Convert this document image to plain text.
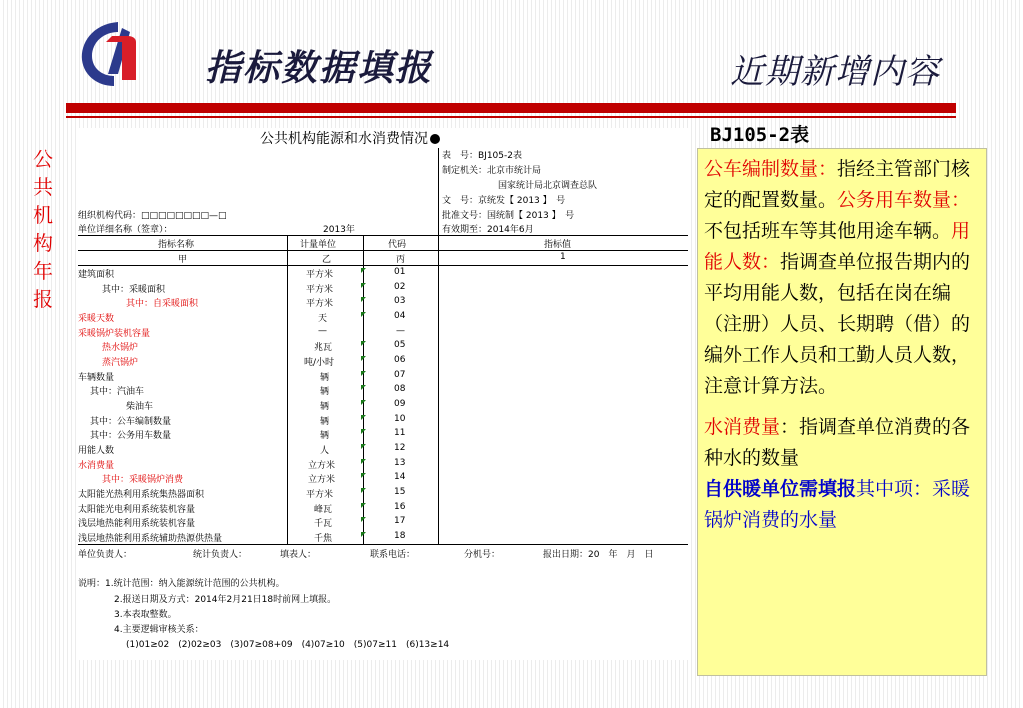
指标数据填报	近期新增内容
BJ105-2表
公
共
机
构
年
报
公共机构能源和水消费情况
表　号：BJ105-2表
制定机关：北京市统计局
国家统计局北京调查总队
文　号：京统发【 2013 】　号
批准文号：国统制【 2013 】　号
有效期至：2014年6月
组织机构代码：□□□□□□□□—□
单位详细名称（签章）：	2013年
指标名称	计量单位	代码	指标值
甲	乙	丙	1
建筑面积	平方米	01
其中：采暖面积	平方米	02
其中：自采暖面积	平方米	03
采暖天数	天	04
采暖锅炉装机容量	—	—
热水锅炉	兆瓦	05
蒸汽锅炉	吨/小时	06
车辆数量	辆	07
其中：汽油车	辆	08
柴油车	辆	09
其中：公车编制数量	辆	10
其中：公务用车数量	辆	11
用能人数	人	12
水消费量	立方米	13
其中：采暖锅炉消费	立方米	14
太阳能光热利用系统集热器面积	平方米	15
太阳能光电利用系统装机容量	峰瓦	16
浅层地热能利用系统装机容量	千瓦	17
浅层地热能利用系统辅助热源供热量	千焦	18
单位负责人：	统计负责人：	填表人：	联系电话：	分机号：	报出日期：20　年　月　日
说明：1.统计范围：纳入能源统计范围的公共机构。
2.报送日期及方式：2014年2月21日18时前网上填报。
3.本表取整数。
4.主要逻辑审核关系：
(1)01≥02　(2)02≥03　(3)07≥08+09　(4)07≥10　(5)07≥11　(6)13≥14

公车编制数量：指经主管部门核定的配置数量。公务用车数量：不包括班车等其他用途车辆。用能人数：指调查单位报告期内的平均用能人数，包括在岗在编（注册）人员、长期聘（借）的编外工作人员和工勤人员人数，注意计算方法。

水消费量：指调查单位消费的各种水的数量

自供暖单位需填报其中项：采暖锅炉消费的水量
